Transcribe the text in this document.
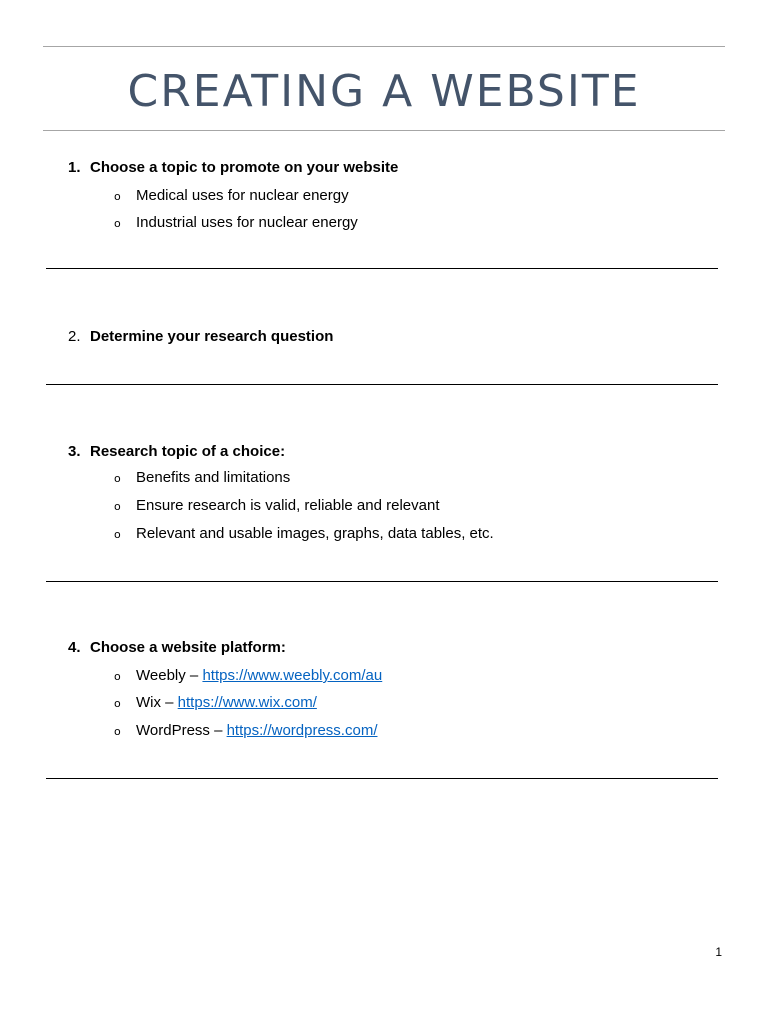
CREATING A WEBSITE
1. Choose a topic to promote on your website
o Medical uses for nuclear energy
o Industrial uses for nuclear energy
2. Determine your research question
3. Research topic of a choice:
o Benefits and limitations
o Ensure research is valid, reliable and relevant
o Relevant and usable images, graphs, data tables, etc.
4. Choose a website platform:
o Weebly – https://www.weebly.com/au
o Wix – https://www.wix.com/
o WordPress – https://wordpress.com/
1
